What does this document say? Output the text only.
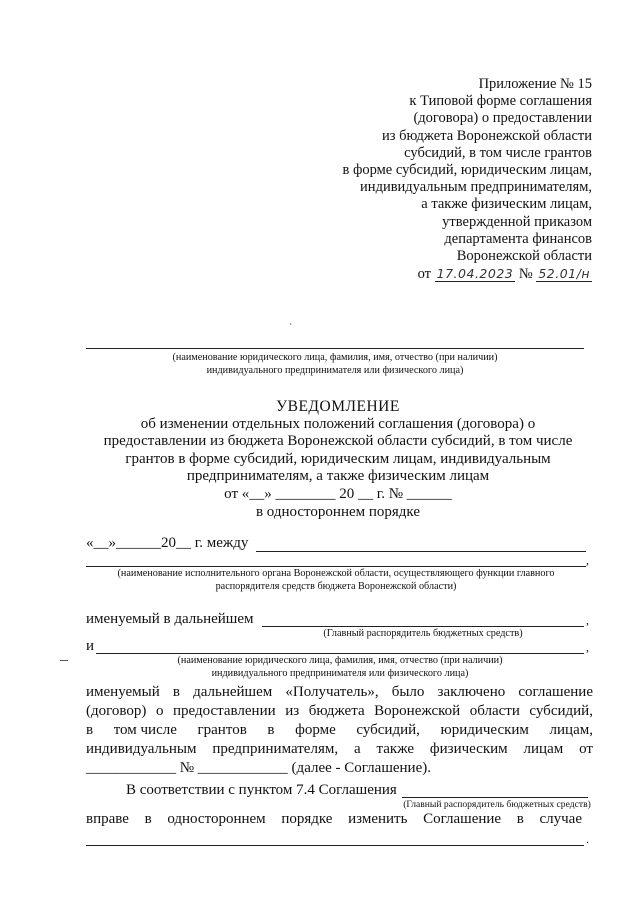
Приложение № 15
к Типовой форме соглашения
(договора) о предоставлении
из бюджета Воронежской области
субсидий, в том числе грантов
в форме субсидий, юридическим лицам,
индивидуальным предпринимателям,
а также физическим лицам,
утвержденной приказом
департамента финансов
Воронежской области
от 17.04.2023 № 52.01/н
`
(наименование юридического лица, фамилия, имя, отчество (при наличии)
индивидуального предпринимателя или физического лица)
УВЕДОМЛЕНИЕ
об изменении отдельных положений соглашения (договора) о
предоставлении из бюджета Воронежской области субсидий, в том числе
грантов в форме субсидий, юридическим лицам, индивидуальным
предпринимателям, а также физическим лицам
от «__» ________ 20 __ г. № ______
в одностороннем порядке
«__»______20__ г. между
,
(наименование исполнительного органа Воронежской области, осуществляющего функции главного
распорядителя средств бюджета Воронежской области)
именуемый в дальнейшем	,
(Главный распорядитель бюджетных средств)
и	,
(наименование юридического лица, фамилия, имя, отчество (при наличии)
индивидуального предпринимателя или физического лица)
именуемый в дальнейшем «Получатель», было заключено соглашение
(договор) о предоставлении из бюджета Воронежской области субсидий,
в том числе грантов в форме субсидий, юридическим лицам,
индивидуальным предпринимателям, а также физическим лицам от
____________ № ____________ (далее - Соглашение).
В соответствии с пунктом 7.4 Соглашения
(Главный распорядитель бюджетных средств)
вправе в одностороннем порядке изменить Соглашение в случае
.
